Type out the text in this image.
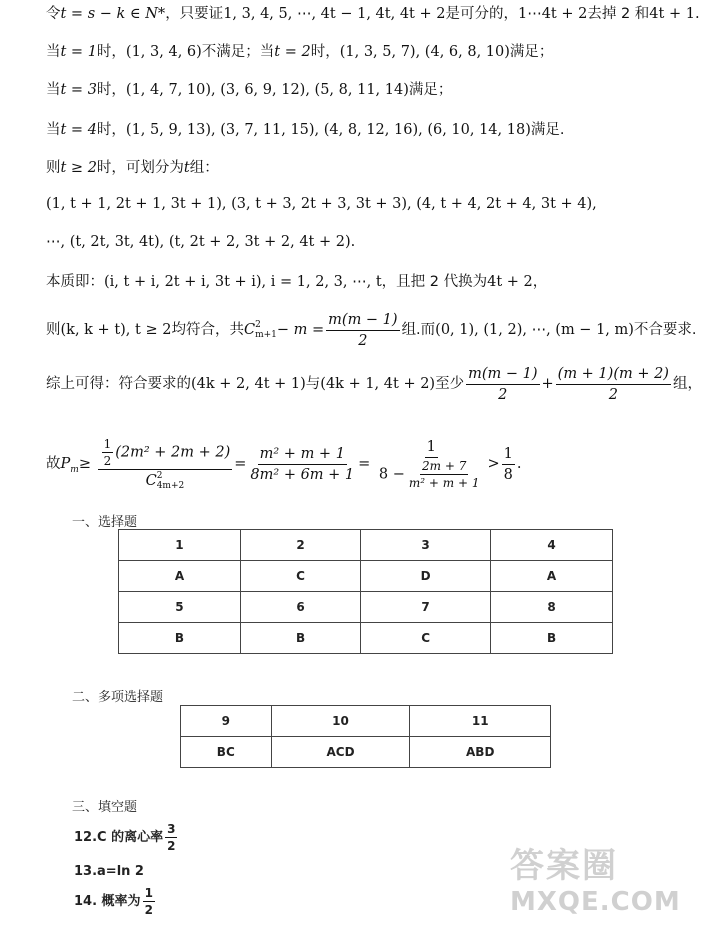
令t = s − k ∈ N*，只要证1, 3, 4, 5, ⋯, 4t − 1, 4t, 4t + 2是可分的，1⋯4t + 2去掉 2 和4t + 1.
当t = 1时，(1, 3, 4, 6)不满足；当t = 2时，(1, 3, 5, 7), (4, 6, 8, 10)满足；
当t = 3时，(1, 4, 7, 10), (3, 6, 9, 12), (5, 8, 11, 14)满足；
当t = 4时，(1, 5, 9, 13), (3, 7, 11, 15), (4, 8, 12, 16), (6, 10, 14, 18)满足.
则t ≥ 2时，可划分为t组：
(1, t + 1, 2t + 1, 3t + 1), (3, t + 3, 2t + 3, 3t + 3), (4, t + 4, 2t + 4, 3t + 4),
⋯, (t, 2t, 3t, 4t), (t, 2t + 2, 3t + 2, 4t + 2).
本质即：(i, t + i, 2t + i, 3t + i), i = 1, 2, 3, ⋯, t，且把 2 代换为4t + 2，
则(k, k + t), t ≥ 2均符合，共C 2
$m+1 - m = \frac{m(m - 1)}{2}$ 组.而(0, 1), (1, 2), ⋯, (m − 1, m)不合要求.
综上可得：符合要求的(4k + 2, 4t + 1)与(4k + 1, 4t + 2)至少 $\frac{m(m - 1)}{2} + \frac{(m + 1)(m + 2)}{2}$ 组，
故$P_m\ge \frac{1}{2} (2m^2 + 2m + 2)$
C 2
$4m+2 = \frac{\text{m² + m + 1}}{\text{8m² + 6m + 1}} = \frac{1}{8 - \frac{2m + 7}{\text{m² + m + 1}}} > \frac{1}{8}$ .
一、选择题
1	2	3	4
A	C	D	A
5	6	7	8
B	B	C	B
二、多项选择题
9	10	11
BC	ACD	ABD
三、填空题
12.C 的离心率 $\frac{3}{2}$
13.a=ln 2
14. 概率为 $\frac{1}{2}$
答案圈
MXQE.COM
